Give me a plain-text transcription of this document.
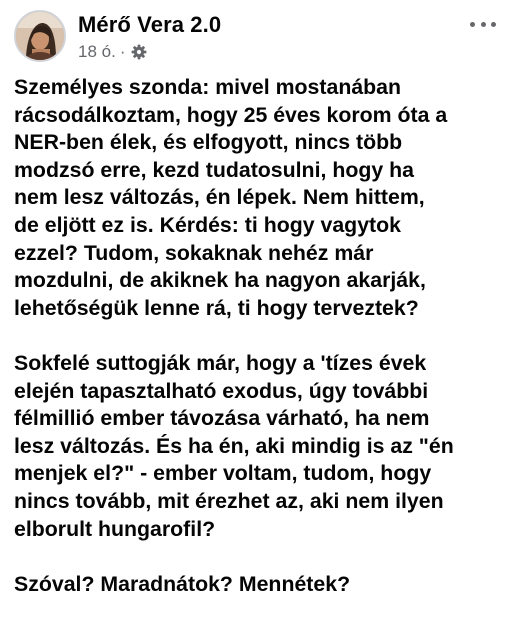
Mérő Vera 2.0
18 ó. ·

Személyes szonda: mivel mostanában
rácsodálkoztam, hogy 25 éves korom óta a
NER-ben élek, és elfogyott, nincs több
modzsó erre, kezd tudatosulni, hogy ha
nem lesz változás, én lépek. Nem hittem,
de eljött ez is. Kérdés: ti hogy vagytok
ezzel? Tudom, sokaknak nehéz már
mozdulni, de akiknek ha nagyon akarják,
lehetőségük lenne rá, ti hogy terveztek?

Sokfelé suttogják már, hogy a 'tízes évek
elején tapasztalható exodus, úgy további
félmillió ember távozása várható, ha nem
lesz változás. És ha én, aki mindig is az "én
menjek el?" - ember voltam, tudom, hogy
nincs tovább, mit érezhet az, aki nem ilyen
elborult hungarofil?

Szóval? Maradnátok? Mennétek?
